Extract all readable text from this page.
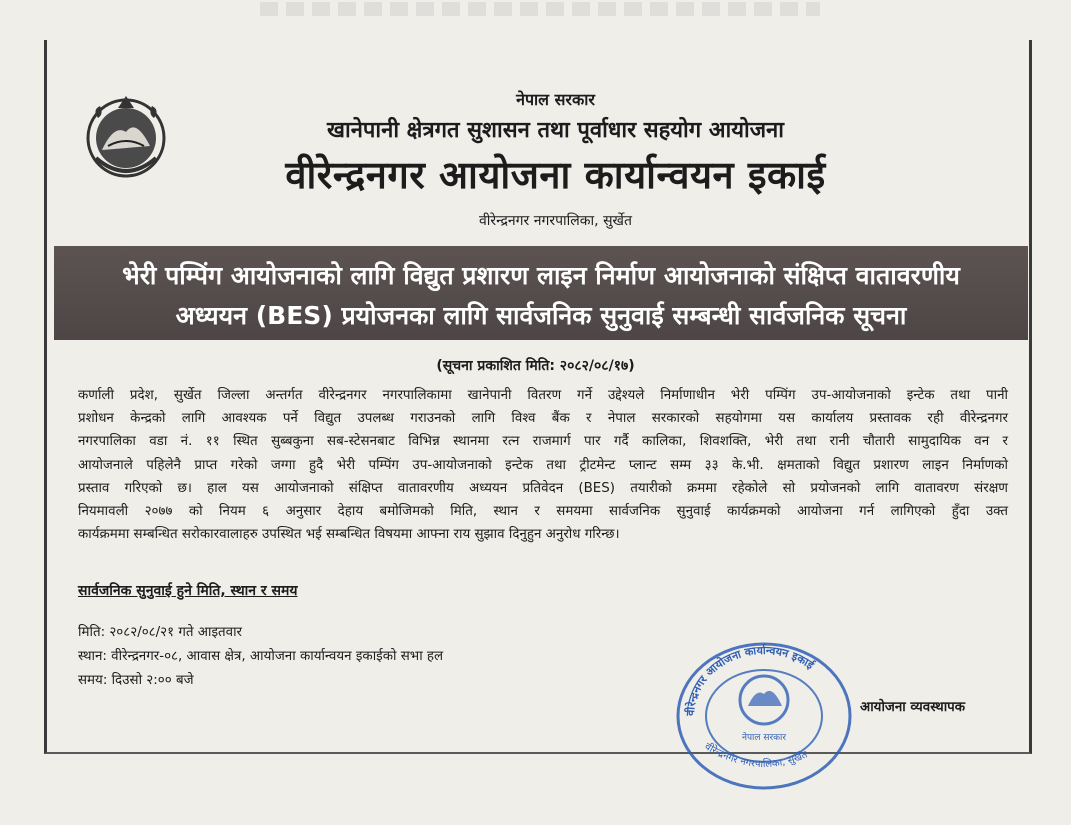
नेपाल सरकार
खानेपानी क्षेत्रगत सुशासन तथा पूर्वाधार सहयोग आयोजना
वीरेन्द्रनगर आयोजना कार्यान्वयन इकाई
वीरेन्द्रनगर नगरपालिका, सुर्खेत
भेरी पम्पिंग आयोजनाको लागि विद्युत प्रशारण लाइन निर्माण आयोजनाको संक्षिप्त वातावरणीय
अध्ययन (BES) प्रयोजनका लागि सार्वजनिक सुनुवाई सम्बन्धी सार्वजनिक सूचना
(सूचना प्रकाशित मिति: २०८२/०८/१७)
कर्णाली प्रदेश, सुर्खेत जिल्ला अन्तर्गत वीरेन्द्रनगर नगरपालिकामा खानेपानी वितरण गर्ने उद्देश्यले निर्माणाधीन भेरी पम्पिंग उप-आयोजनाको इन्टेक तथा पानी
प्रशोधन केन्द्रको लागि आवश्यक पर्ने विद्युत उपलब्ध गराउनको लागि विश्व बैंक र नेपाल सरकारको सहयोगमा यस कार्यालय प्रस्तावक रही वीरेन्द्रनगर
नगरपालिका वडा नं. ११ स्थित सुब्बकुना सब-स्टेसनबाट विभिन्न स्थानमा रत्न राजमार्ग पार गर्दै कालिका, शिवशक्ति, भेरी तथा रानी चौतारी सामुदायिक वन र
आयोजनाले पहिलेनै प्राप्त गरेको जग्गा हुदै भेरी पम्पिंग उप-आयोजनाको इन्टेक तथा ट्रीटमेन्ट प्लान्ट सम्म ३३ के.भी. क्षमताको विद्युत प्रशारण लाइन निर्माणको
प्रस्ताव गरिएको छ। हाल यस आयोजनाको संक्षिप्त वातावरणीय अध्ययन प्रतिवेदन (BES) तयारीको क्रममा रहेकोले सो प्रयोजनको लागि वातावरण संरक्षण
नियमावली २०७७ को नियम ६ अनुसार देहाय बमोजिमको मिति, स्थान र समयमा सार्वजनिक सुनुवाई कार्यक्रमको आयोजना गर्न लागिएको हुँदा उक्त
कार्यक्रममा सम्बन्धित सरोकारवालाहरु उपस्थित भई सम्बन्धित विषयमा आफ्ना राय सुझाव दिनुहुन अनुरोध गरिन्छ।
सार्वजनिक सुनुवाई हुने मिति, स्थान र समय
मिति: २०८२/०८/२१ गते आइतवार
स्थान: वीरेन्द्रनगर-०८, आवास क्षेत्र, आयोजना कार्यान्वयन इकाईको सभा हल
समय: दिउसो २:०० बजे
वीरेन्द्रनगर आयोजना कार्यान्वयन इकाई
नेपाल सरकार
वीरेन्द्रनगर नगरपालिका, सुर्खेत
आयोजना व्यवस्थापक
